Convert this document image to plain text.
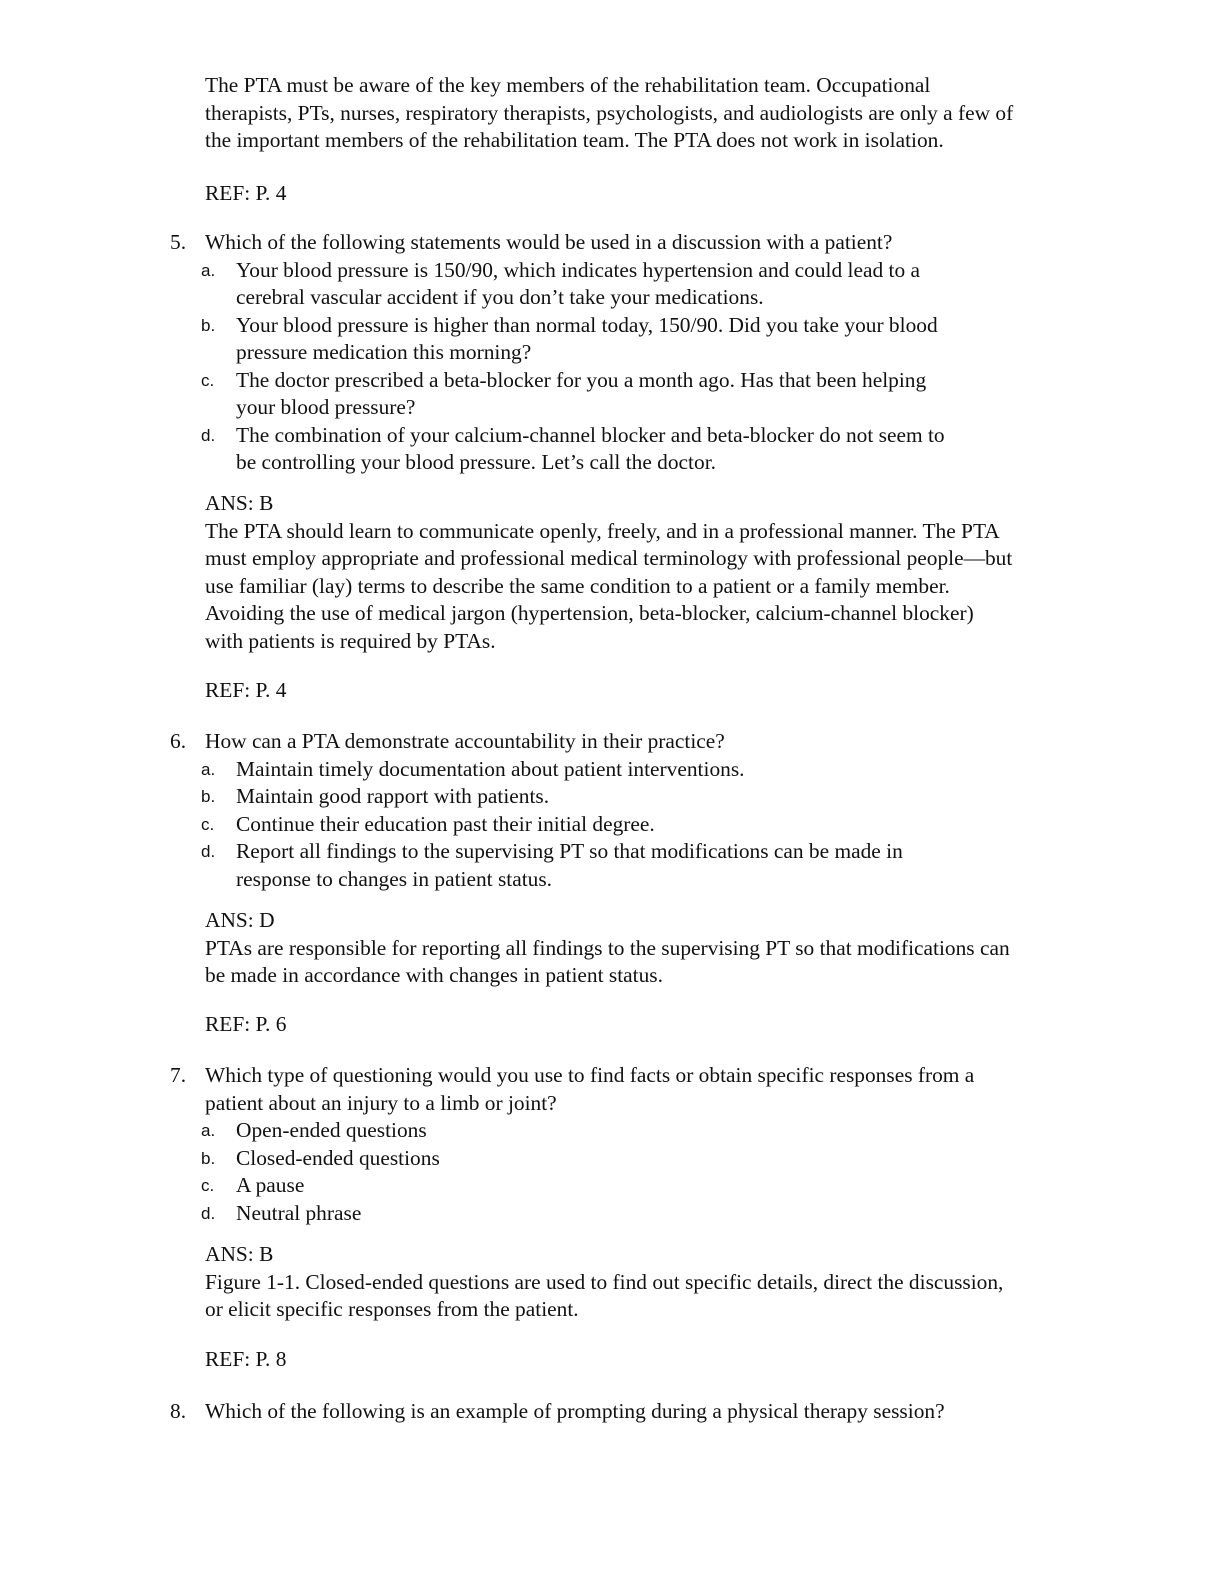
The PTA must be aware of the key members of the rehabilitation team. Occupational
therapists, PTs, nurses, respiratory therapists, psychologists, and audiologists are only a few of
the important members of the rehabilitation team. The PTA does not work in isolation.

REF: P. 4

5. Which of the following statements would be used in a discussion with a patient?
a. Your blood pressure is 150/90, which indicates hypertension and could lead to a
cerebral vascular accident if you don’t take your medications.
b. Your blood pressure is higher than normal today, 150/90. Did you take your blood
pressure medication this morning?
c.	The doctor prescribed a beta-blocker for you a month ago. Has that been helping
your blood pressure?
d. The combination of your calcium-channel blocker and beta-blocker do not seem to
be controlling your blood pressure. Let’s call the doctor.

ANS: B

The PTA should learn to communicate openly, freely, and in a professional manner. The PTA
must employ appropriate and professional medical terminology with professional people—but
use familiar (lay) terms to describe the same condition to a patient or a family member.
Avoiding the use of medical jargon (hypertension, beta-blocker, calcium-channel blocker)
with patients is required by PTAs.

REF: P. 4

6. How can a PTA demonstrate accountability in their practice?
a. Maintain timely documentation about patient interventions.
b. Maintain good rapport with patients.
c.	Continue their education past their initial degree.
d. Report all findings to the supervising PT so that modifications can be made in
response to changes in patient status.

ANS: D

PTAs are responsible for reporting all findings to the supervising PT so that modifications can
be made in accordance with changes in patient status.

REF: P. 6

7. Which type of questioning would you use to find facts or obtain specific responses from a
patient about an injury to a limb or joint?
a. Open-ended questions
b. Closed-ended questions
c.	A pause
d. Neutral phrase

ANS: B

Figure 1-1. Closed-ended questions are used to find out specific details, direct the discussion,
or elicit specific responses from the patient.

REF: P. 8

8. Which of the following is an example of prompting during a physical therapy session?
